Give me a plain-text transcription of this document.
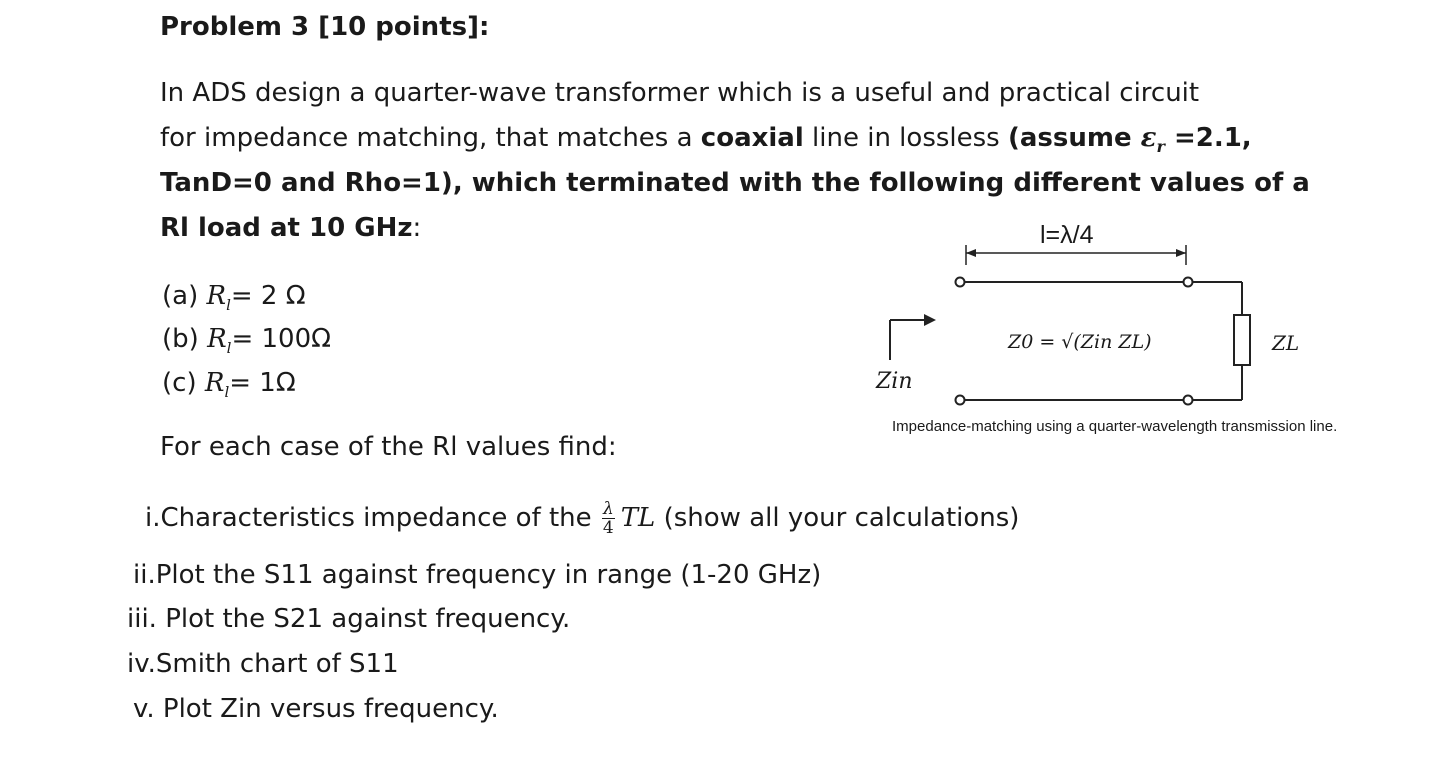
Problem 3 [10 points]:
In ADS design a quarter-wave transformer which is a useful and practical circuit
for impedance matching, that matches a coaxial line in lossless (assume $\varepsilon_r =2.1$,
TanD=0 and Rho=1), which terminated with the following different values of a
Rl load at 10 GHz:
(a) $R_l= 2$ Ω
(b) $R_l= 100\Omega$
(c) $R_l= 1\Omega$
For each case of the Rl values find:
i.Characteristics impedance of the $\frac{\lambda}{4}$ TL (show all your calculations)
ii.Plot the S11 against frequency in range (1-20 GHz)
iii. Plot the S21 against frequency.
iv.Smith chart of S11
v. Plot Zin versus frequency.
l=λ/4
Z0 = √(Zin ZL)	ZL
Zin
Impedance-matching using a quarter-wavelength transmission line.
